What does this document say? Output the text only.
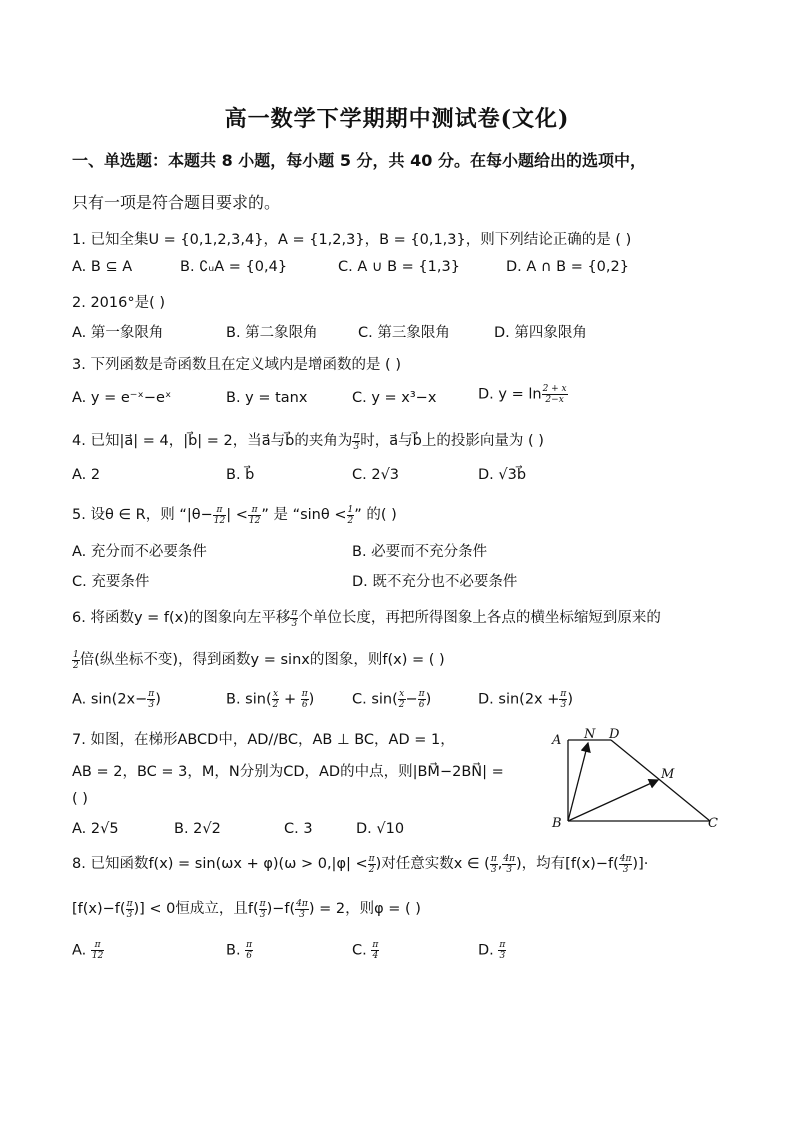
高一数学下学期期中测试卷(文化)
一、单选题：本题共 8 小题，每小题 5 分，共 40 分。在每小题给出的选项中，
只有一项是符合题目要求的。
1. 已知全集U = {0,1,2,3,4}，A = {1,2,3}，B = {0,1,3}，则下列结论正确的是 ( )
A. B ⊆ A	B. ∁ᵤA = {0,4}	C. A ∪ B = {1,3}	D. A ∩ B = {0,2}
2. 2016°是( )
A. 第一象限角	B. 第二象限角	C. 第三象限角	D. 第四象限角
3. 下列函数是奇函数且在定义域内是增函数的是 ( )
A. y = e⁻ˣ−eˣ	B. y = tanx	C. y = x³−x	D. $y = \ln \frac{2 + x}{2-x}$
4. 已知|a⃗| = 4，|b⃗| = 2，当a⃗与b⃗的夹角为 $\frac{\pi}{3}$ 时，a⃗与b⃗上的投影向量为 ( )
A. 2	B. b⃗	C. 2√3	D. √3b⃗
5. 设θ ∈ R，则 “$|\theta- \frac{\pi}{12}$ | < $\frac{\pi}{12}$ ” 是 “$\sin\theta < \frac{1}{2}$ ” 的( )
A. 充分而不必要条件	B. 必要而不充分条件
C. 充要条件	D. 既不充分也不必要条件
6. 将函数y = f(x)的图象向左平移 $\frac{\pi}{3}$ 个单位长度，再把所得图象上各点的横坐标缩短到原来的
$\frac{1}{2}$ 倍(纵坐标不变)，得到函数y = sinx的图象，则f(x) = ( )
A. $\sin(2x- \frac{\pi}{3}$ )	B. $\sin( \frac{x}{2} + \frac{\pi}{6}$ )	C. $\sin( \frac{x}{2} - \frac{\pi}{6}$ )	D. $\sin(2x + \frac{\pi}{3}$ )
7. 如图，在梯形ABCD中，AD//BC，AB ⊥ BC，AD = 1，
AB = 2，BC = 3，M，N分别为CD，AD的中点，则|BM⃗−2BN⃗| =
( )
A. 2√5	B. 2√2	C. 3	D. √10
A N D
M
B	C
8. 已知函数$f(x) = \sin(\omega x + \varphi)(\omega > 0,|\varphi| < \frac{\pi}{2}$ )对任意实数x ∈ ( $\frac{\pi}{3}$ , $\frac{4\pi}{3}$ )，均有[$f(x)-f( \frac{4\pi}{3}$ )]·
[$f(x)-f( \frac{\pi}{3}$ )] < 0恒成立，且$f( \frac{\pi}{3} )-f( \frac{4\pi}{3}$ ) = 2，则φ = ( )
A. $\frac{\pi}{12}$	B. $\frac{\pi}{6}$	C. $\frac{\pi}{4}$	D. $\frac{\pi}{3}$
